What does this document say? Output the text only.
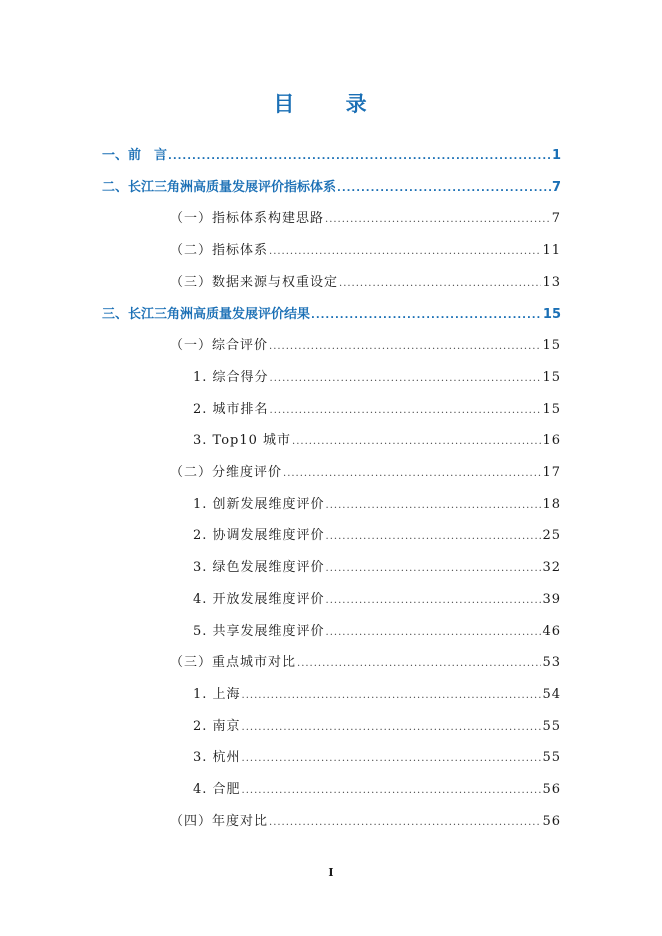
目 录
一、前　言 .....	1
二、长江三角洲高质量发展评价指标体系 .....	7
（一）指标体系构建思路 .....	7
（二）指标体系 .....	11
（三）数据来源与权重设定 .....	13
三、长江三角洲高质量发展评价结果 .....	15
（一）综合评价 .....	15
1. 综合得分 .....	15
2. 城市排名 .....	15
3. Top10 城市 .....	16
（二）分维度评价 .....	17
1. 创新发展维度评价 .....	18
2. 协调发展维度评价 .....	25
3. 绿色发展维度评价 .....	32
4. 开放发展维度评价 .....	39
5. 共享发展维度评价 .....	46
（三）重点城市对比 .....	53
1. 上海 .....	54
2. 南京 .....	55
3. 杭州 .....	55
4. 合肥 .....	56
（四）年度对比 .....	56
I
